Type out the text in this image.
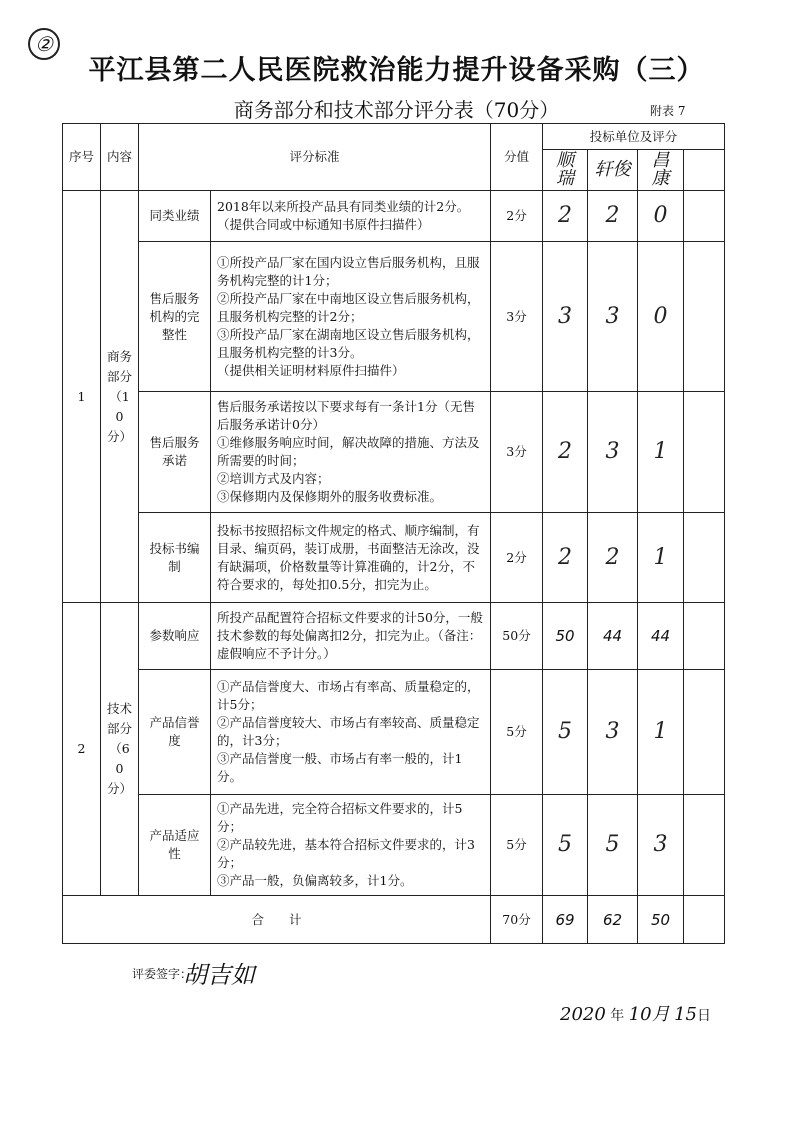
②
平江县第二人民医院救治能力提升设备采购（三）
商务部分和技术部分评分表（70分）	附表 7
序号	内容	评分标准		分值	投标单位及评分			
					顺瑞	轩俊	昌康	
1	商务部分（10分）	同类业绩	2018年以来所投产品具有同类业绩的计2分。（提供合同或中标通知书原件扫描件）	2分	2	2	0	
		售后服务机构的完整性	①所投产品厂家在国内设立售后服务机构，且服务机构完整的计1分；
②所投产品厂家在中南地区设立售后服务机构，且服务机构完整的计2分；
③所投产品厂家在湖南地区设立售后服务机构，且服务机构完整的计3分。
（提供相关证明材料原件扫描件）	3分	3	3	0	
		售后服务承诺	售后服务承诺按以下要求每有一条计1分（无售后服务承诺计0分）
①维修服务响应时间，解决故障的措施、方法及所需要的时间；
②培训方式及内容；
③保修期内及保修期外的服务收费标准。	3分	2	3	1	
		投标书编制	投标书按照招标文件规定的格式、顺序编制，有目录、编页码，装订成册，书面整洁无涂改，没有缺漏项，价格数量等计算准确的，计2分，不符合要求的，每处扣0.5分，扣完为止。	2分	2	2	1	
2	技术部分（60分）	参数响应	所投产品配置符合招标文件要求的计50分，一般技术参数的每处偏离扣2分，扣完为止。（备注：虚假响应不予计分。）	50分	50	44	44	
		产品信誉度	①产品信誉度大、市场占有率高、质量稳定的，计5分；
②产品信誉度较大、市场占有率较高、质量稳定的，计3分；
③产品信誉度一般、市场占有率一般的，计1分。	5分	5	3	1	
		产品适应性	①产品先进，完全符合招标文件要求的，计5分；
②产品较先进，基本符合招标文件要求的，计3分；
③产品一般，负偏离较多，计1分。	5分	5	5	3	
合　　计				70分	69	62	50	
评委签字：
胡吉如
2020 年 10月 15日
